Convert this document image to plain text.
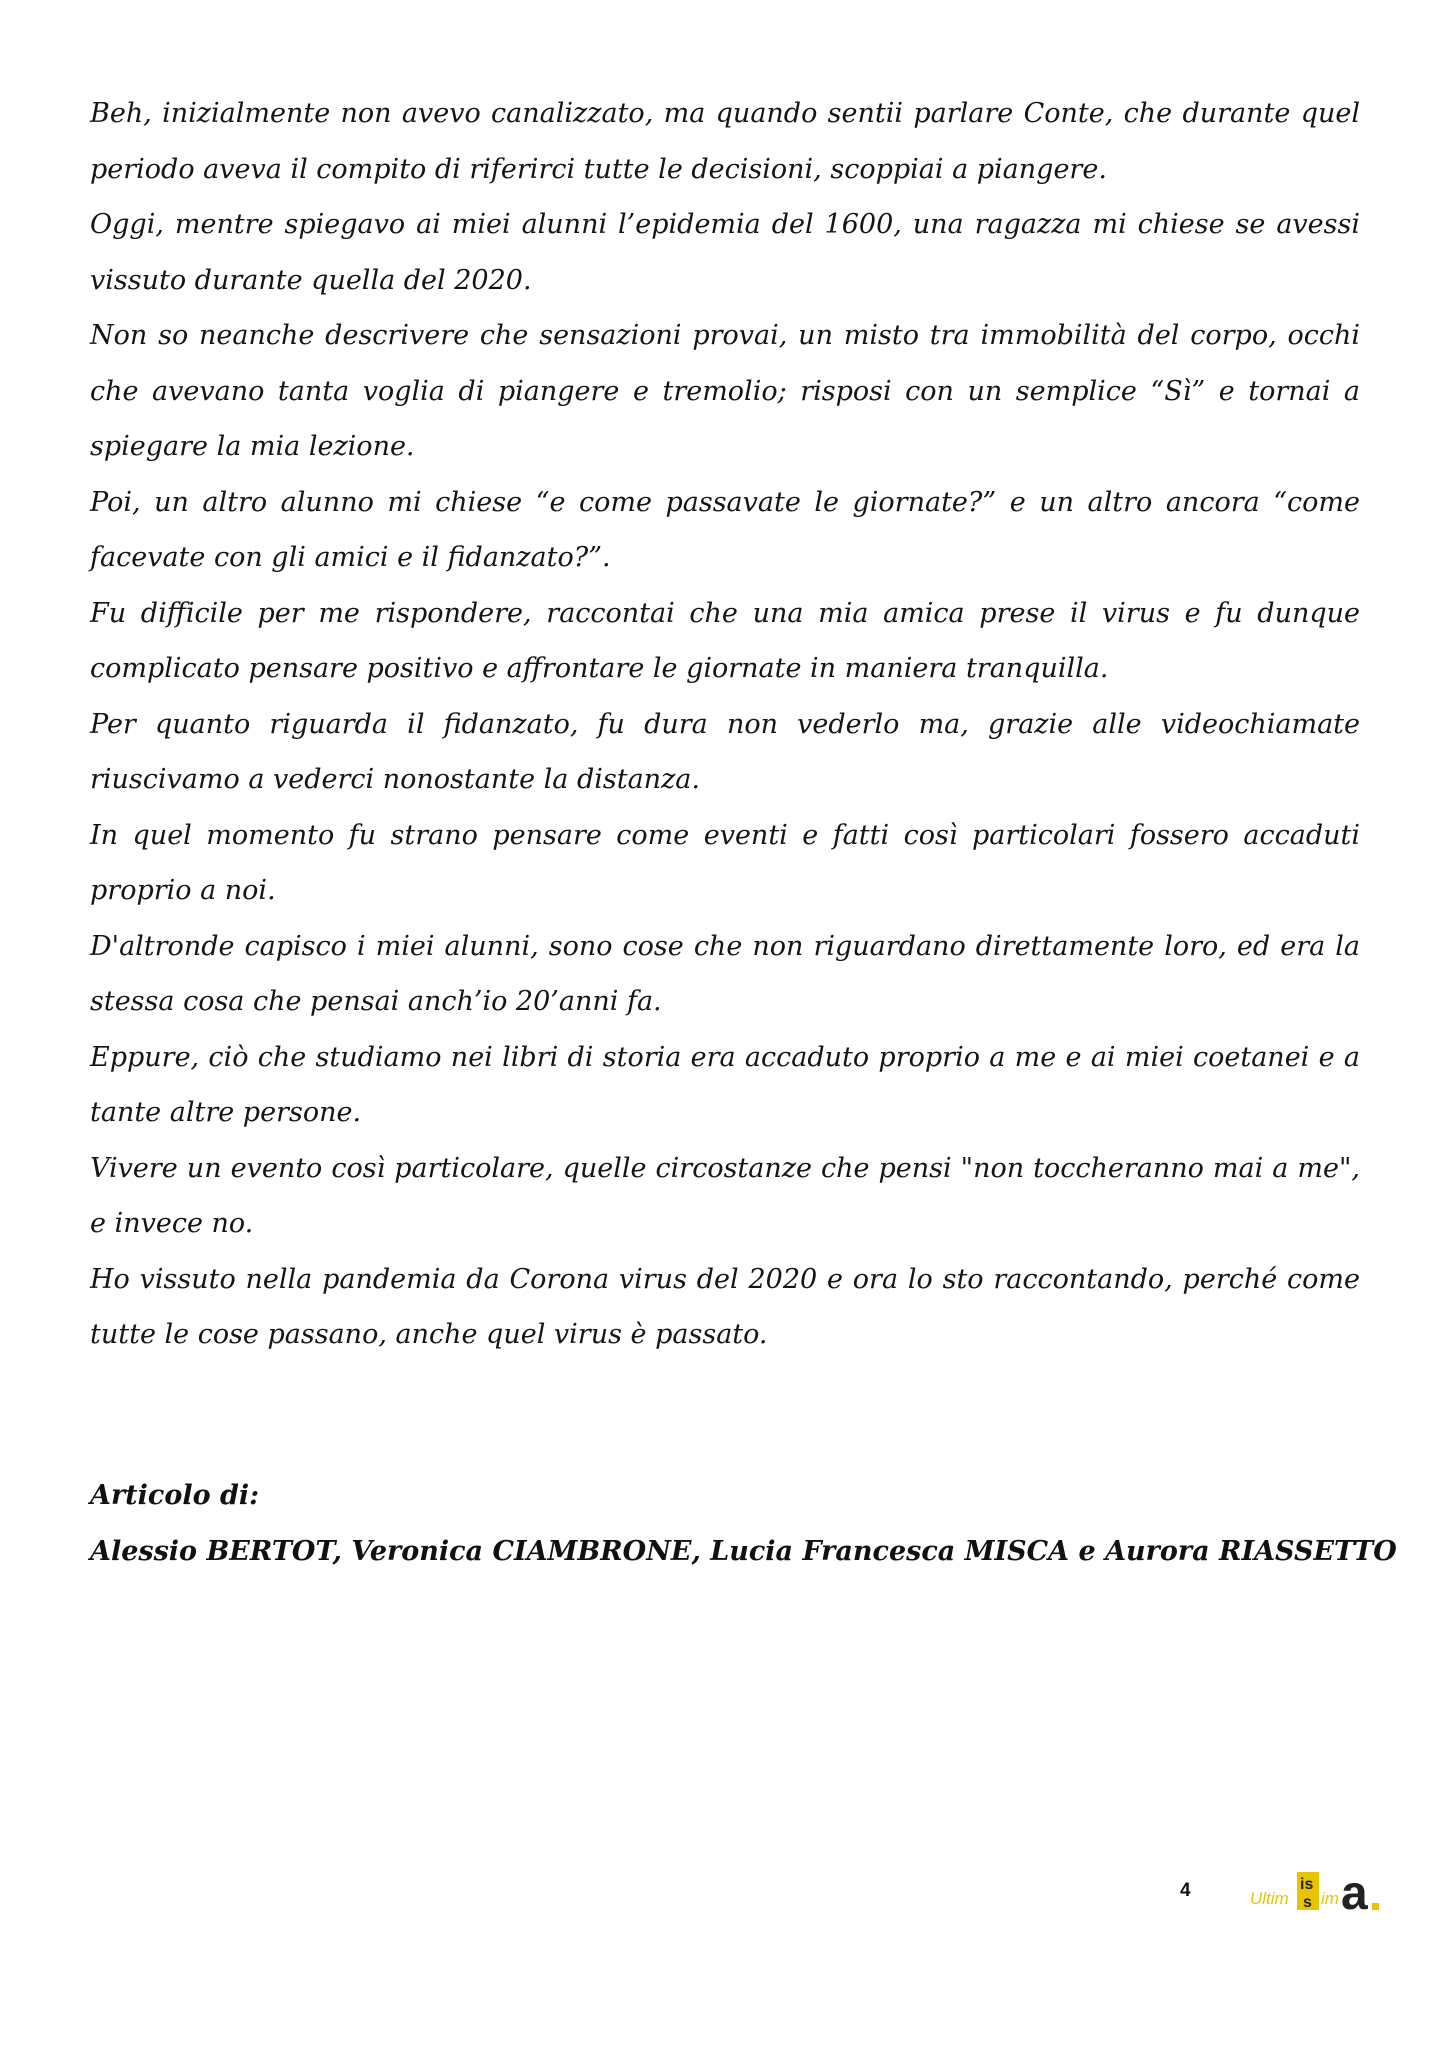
Beh, inizialmente non avevo canalizzato, ma quando sentii parlare Conte, che durante quel periodo aveva il compito di riferirci tutte le decisioni, scoppiai a piangere.

Oggi, mentre spiegavo ai miei alunni l’epidemia del 1600, una ragazza mi chiese se avessi vissuto durante quella del 2020.

Non so neanche descrivere che sensazioni provai, un misto tra immobilità del corpo, occhi che avevano tanta voglia di piangere e tremolio; risposi con un semplice “Sì” e tornai a spiegare la mia lezione.

Poi, un altro alunno mi chiese “e come passavate le giornate?” e un altro ancora “come facevate con gli amici e il fidanzato?”.

Fu difficile per me rispondere, raccontai che una mia amica prese il virus e fu dunque complicato pensare positivo e affrontare le giornate in maniera tranquilla.

Per quanto riguarda il fidanzato, fu dura non vederlo ma, grazie alle videochiamate riuscivamo a vederci nonostante la distanza.

In quel momento fu strano pensare come eventi e fatti così particolari fossero accaduti proprio a noi.

D'altronde capisco i miei alunni, sono cose che non riguardano direttamente loro, ed era la stessa cosa che pensai anch’io 20’anni fa.

Eppure, ciò che studiamo nei libri di storia era accaduto proprio a me e ai miei coetanei e a tante altre persone.

Vivere un evento così particolare, quelle circostanze che pensi "non toccheranno mai a me", e invece no.

Ho vissuto nella pandemia da Corona virus del 2020 e ora lo sto raccontando, perché come tutte le cose passano, anche quel virus è passato.

Articolo di:

Alessio BERTOT, Veronica CIAMBRONE, Lucia Francesca MISCA e Aurora RIASSETTO

4	Ultim
is
s im a
